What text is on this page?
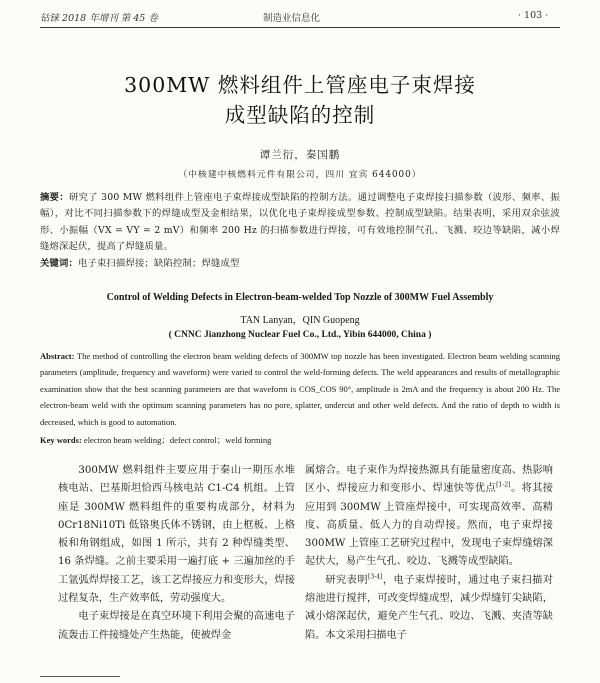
钻铼 2018 年增刊 第 45 卷	制造业信息化	· 103 ·
300MW 燃料组件上管座电子束焊接
成型缺陷的控制
谭兰衍，秦国鹏
（中核建中核燃料元件有限公司，四川 宜宾 644000）
摘要：研究了 300 MW 燃料组件上管座电子束焊接成型缺陷的控制方法。通过调整电子束焊接扫描参数（波形、频率、振幅），对比不同扫描参数下的焊缝成型及金相结果，以优化电子束焊接成型参数、控制成型缺陷。结果表明，采用双余弦波形、小振幅（VX = VY = 2 mV）和频率 200 Hz 的扫描参数进行焊接，可有效地控制气孔、飞溅、咬边等缺陷，减小焊缝熔深起伏，提高了焊缝质量。
关键词：电子束扫描焊接；缺陷控制；焊缝成型
Control of Welding Defects in Electron-beam-welded Top Nozzle of 300MW Fuel Assembly
TAN Lanyan，QIN Guopeng
( CNNC Jianzhong Nuclear Fuel Co., Ltd., Yibin 644000, China )
Abstract: The method of controlling the electron beam welding defects of 300MW top nozzle has been investigated. Electron beam welding scanning parameters (amplitude, frequency and waveform) were varied to control the weld-forming defects. The weld appearances and results of metallographic examination show that the best scanning parameters are that waveform is COS_COS 90°, amplitude is 2mA and the frequency is about 200 Hz. The electron-beam weld with the optimum scanning parameters has no pore, splatter, undercut and other weld defects. And the ratio of depth to width is decreased, which is good to automation.
Key words: electron beam welding；defect control；weld forming

300MW 燃料组件主要应用于秦山一期压水堆核电站、巴基斯坦恰西马核电站 C1-C4 机组。上管座是 300MW 燃料组件的重要构成部分，材料为 0Cr18Ni10Ti 低铬奥氏体不锈钢，由上框板、上格板和角钢组成，如图 1 所示，共有 2 种焊缝类型、16 条焊缝。之前主要采用一遍打底 + 三遍加丝的手工氩弧焊焊接工艺，该工艺焊接应力和变形大，焊接过程复杂，生产效率低，劳动强度大。

电子束焊接是在真空环境下利用会聚的高速电子流轰击工件接缝处产生热能，使被焊金

属熔合。电子束作为焊接热源具有能量密度高、热影响区小、焊接应力和变形小、焊速快等优点[1-2]。将其接应用到 300MW 上管座焊接中，可实现高效率、高精度、高质量、低人力的自动焊接。然而，电子束焊接 300MW 上管座工艺研究过程中，发现电子束焊缝熔深起伏大，易产生气孔、咬边、飞溅等成型缺陷。

研究表明[3-4]，电子束焊接时，通过电子束扫描对熔池进行搅拌，可改变焊缝成型，减少焊缝钉尖缺陷，减小熔深起伏，避免产生气孔、咬边、飞溅、夹渣等缺陷。本文采用扫描电子
